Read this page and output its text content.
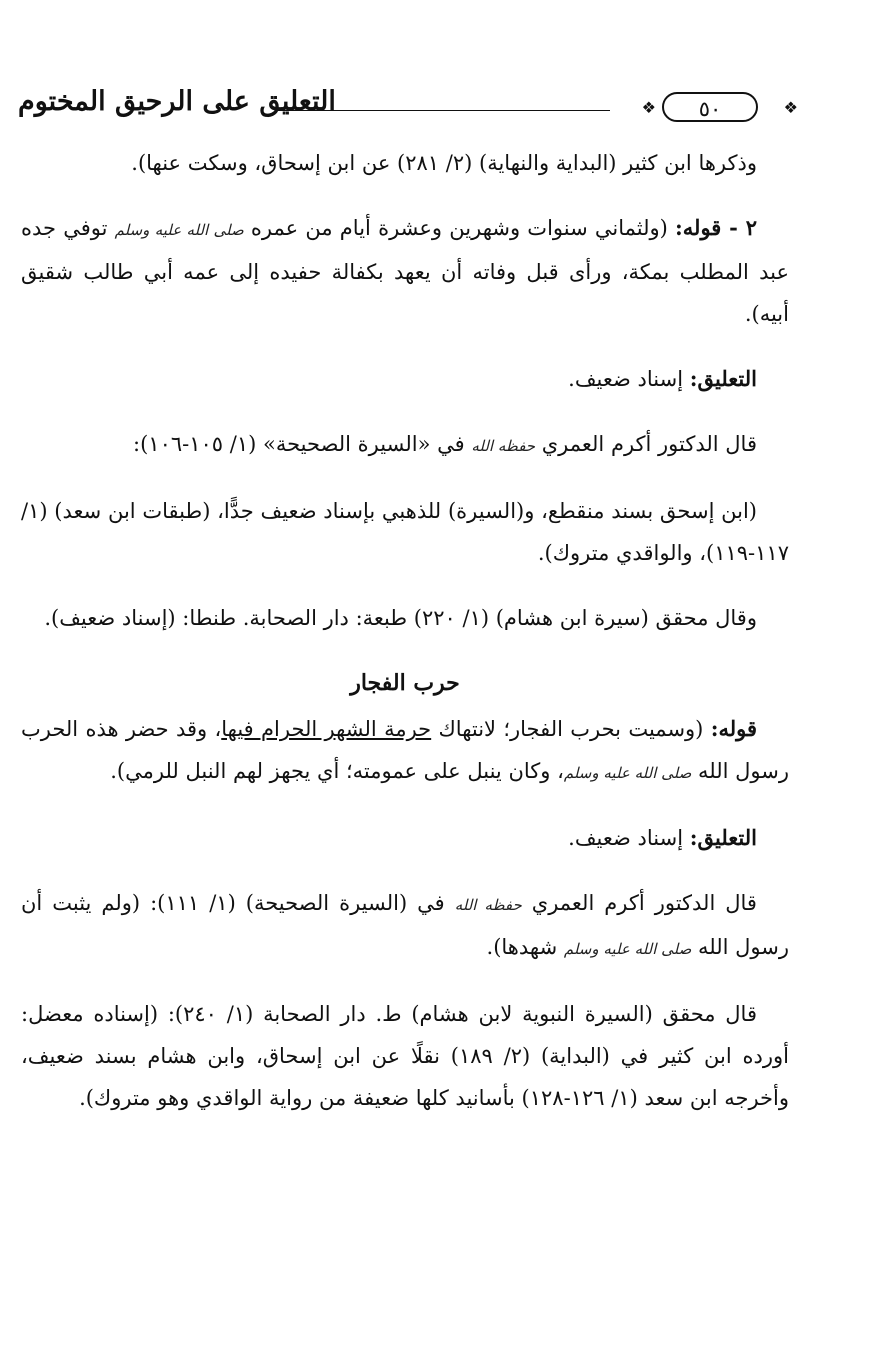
❖
٥٠
❖
التعليق على الرحيق المختوم

وذكرها ابن كثير (البداية والنهاية) (٢/ ٢٨١) عن ابن إسحاق، وسكت عنها).

٢ - قوله: (ولثماني سنوات وشهرين وعشرة أيام من عمره صلى الله عليه وسلم توفي جده عبد المطلب بمكة، ورأى قبل وفاته أن يعهد بكفالة حفيده إلى عمه أبي طالب شقيق أبيه).

التعليق: إسناد ضعيف.

قال الدكتور أكرم العمري حفظه الله في «السيرة الصحيحة» (١/ ١٠٥-١٠٦):

(ابن إسحق بسند منقطع، و(السيرة) للذهبي بإسناد ضعيف جدًّا، (طبقات ابن سعد) (١/ ١١٧-١١٩)، والواقدي متروك).

وقال محقق (سيرة ابن هشام) (١/ ٢٢٠) طبعة: دار الصحابة. طنطا: (إسناد ضعيف).

حرب الفجار

قوله: (وسميت بحرب الفجار؛ لانتهاك حرمة الشهر الحرام فيها، وقد حضر هذه الحرب رسول الله صلى الله عليه وسلم، وكان ينبل على عمومته؛ أي يجهز لهم النبل للرمي).

التعليق: إسناد ضعيف.

قال الدكتور أكرم العمري حفظه الله في (السيرة الصحيحة) (١/ ١١١): (ولم يثبت أن رسول الله صلى الله عليه وسلم شهدها).

قال محقق (السيرة النبوية لابن هشام) ط. دار الصحابة (١/ ٢٤٠): (إسناده معضل: أورده ابن كثير في (البداية) (٢/ ١٨٩) نقلًا عن ابن إسحاق، وابن هشام بسند ضعيف، وأخرجه ابن سعد (١/ ١٢٦-١٢٨) بأسانيد كلها ضعيفة من رواية الواقدي وهو متروك).
